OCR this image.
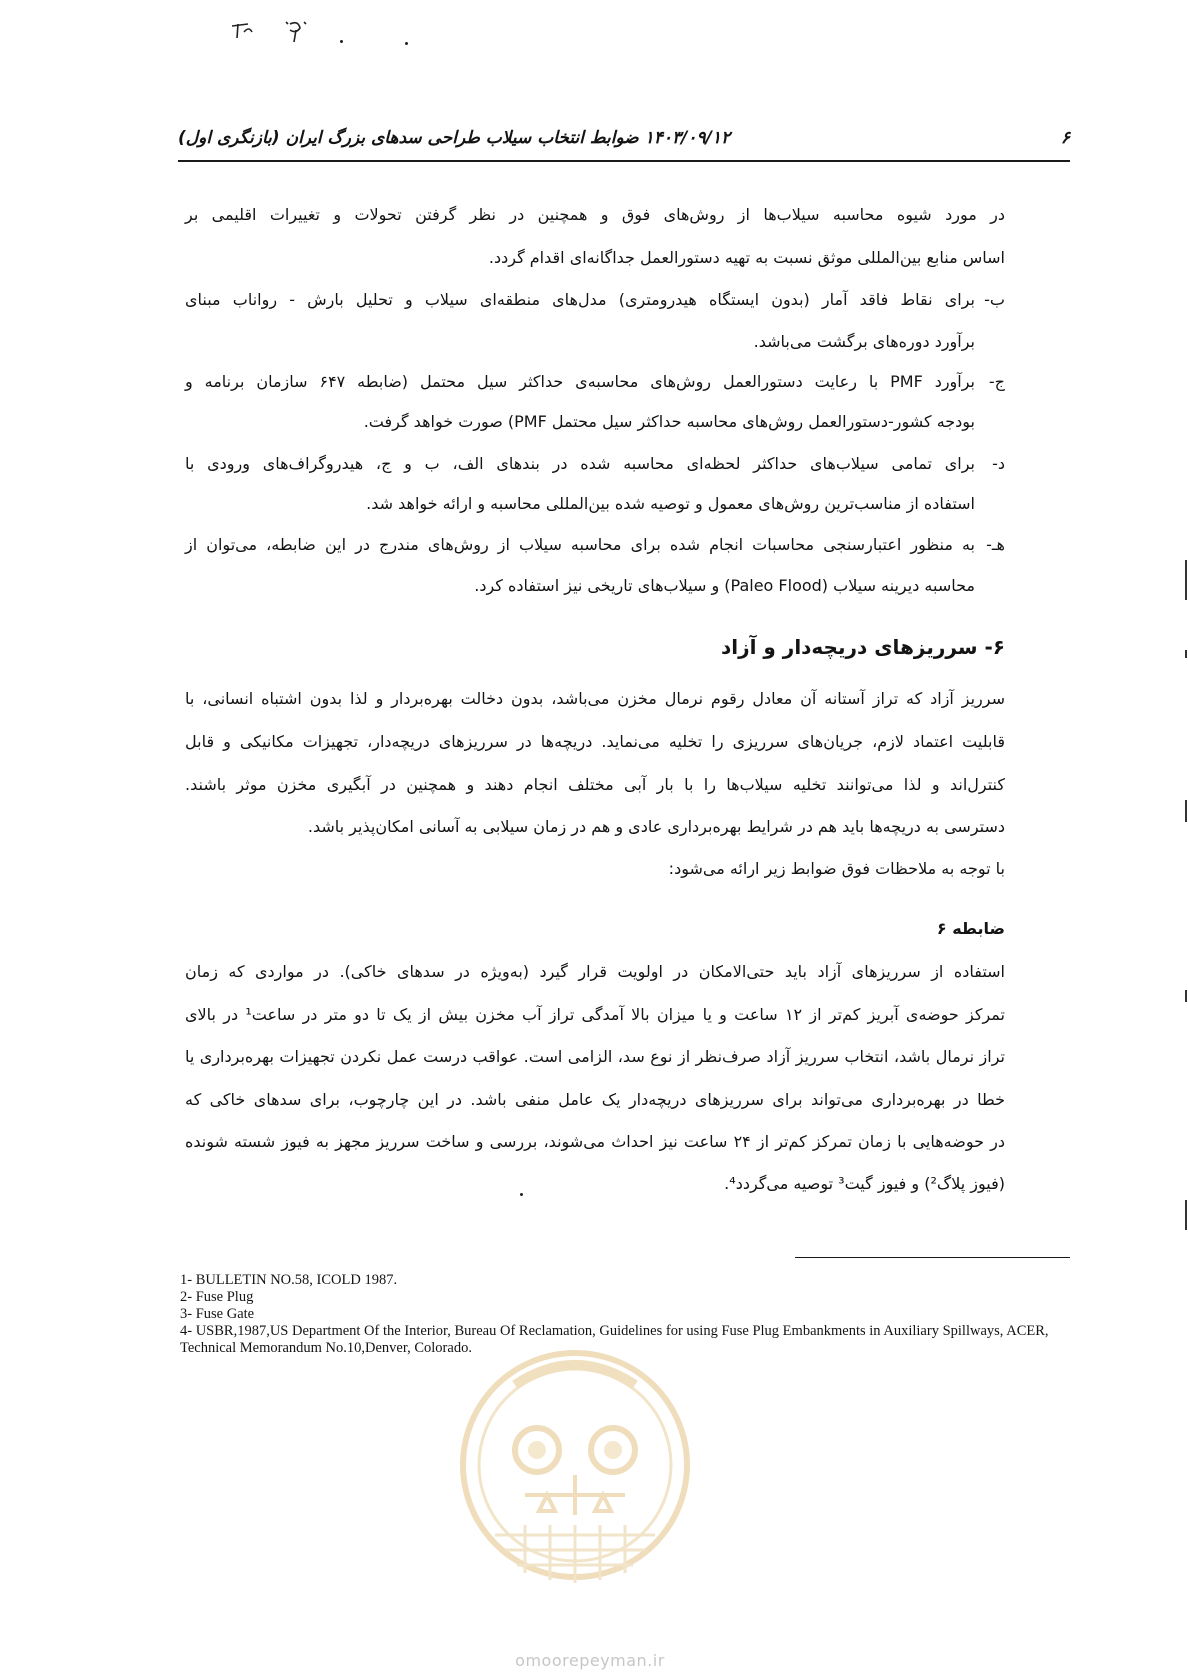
۶
۱۴۰۳/۰۹/۱۲ ضوابط انتخاب سیلاب طراحی سدهای بزرگ ایران (بازنگری اول)
در مورد شیوه محاسبه سیلاب‌ها از روش‌های فوق و همچنین در نظر گرفتن تحولات و تغییرات اقلیمی بر
اساس منابع بین‌المللی موثق نسبت به تهیه دستورالعمل جداگانه‌ای اقدام گردد.
ب-
برای نقاط فاقد آمار (بدون ایستگاه هیدرومتری) مدل‌های منطقه‌ای سیلاب و تحلیل بارش - رواناب مبنای
برآورد دوره‌های برگشت می‌باشد.
ج-
برآورد PMF با رعایت دستورالعمل روش‌های محاسبه‌ی حداکثر سیل محتمل (ضابطه ۶۴۷ سازمان برنامه و
بودجه کشور-دستورالعمل روش‌های محاسبه حداکثر سیل محتمل PMF) صورت خواهد گرفت.
د-
برای تمامی سیلاب‌های حداکثر لحظه‌ای محاسبه شده در بندهای الف، ب و ج، هیدروگراف‌های ورودی با
استفاده از مناسب‌ترین روش‌های معمول و توصیه شده بین‌المللی محاسبه و ارائه خواهد شد.
هـ-
به منظور اعتبارسنجی محاسبات انجام شده برای محاسبه سیلاب از روش‌های مندرج در این ضابطه، می‌توان از
محاسبه دیرینه سیلاب (Paleo Flood) و سیلاب‌های تاریخی نیز استفاده کرد.
۶- سرریزهای دریچه‌دار و آزاد
سرریز آزاد که تراز آستانه آن معادل رقوم نرمال مخزن می‌باشد، بدون دخالت بهره‌بردار و لذا بدون اشتباه انسانی، با
قابلیت اعتماد لازم، جریان‌های سرریزی را تخلیه می‌نماید. دریچه‌ها در سرریزهای دریچه‌دار، تجهیزات مکانیکی و قابل
کنترل‌اند و لذا می‌توانند تخلیه سیلاب‌ها را با بار آبی مختلف انجام دهند و همچنین در آبگیری مخزن موثر باشند.
دسترسی به دریچه‌ها باید هم در شرایط بهره‌برداری عادی و هم در زمان سیلابی به آسانی امکان‌پذیر باشد.
با توجه به ملاحظات فوق ضوابط زیر ارائه می‌شود:
ضابطه ۶
استفاده از سرریزهای آزاد باید حتی‌الامکان در اولویت قرار گیرد (به‌ویژه در سدهای خاکی). در مواردی که زمان
تمرکز حوضه‌ی آبریز کم‌تر از ۱۲ ساعت و یا میزان بالا آمدگی تراز آب مخزن بیش از یک تا دو متر در ساعت¹ در بالای
تراز نرمال باشد، انتخاب سرریز آزاد صرف‌نظر از نوع سد، الزامی است. عواقب درست عمل نکردن تجهیزات بهره‌برداری یا
خطا در بهره‌برداری می‌تواند برای سرریزهای دریچه‌دار یک عامل منفی باشد. در این چارچوب، برای سدهای خاکی که
در حوضه‌هایی با زمان تمرکز کم‌تر از ۲۴ ساعت نیز احداث می‌شوند، بررسی و ساخت سرریز مجهز به فیوز شسته شونده
(فیوز پلاگ²) و فیوز گیت³ توصیه می‌گردد⁴.
1- BULLETIN NO.58, ICOLD 1987.
2- Fuse Plug
3- Fuse Gate
4- USBR,1987,US Department Of the Interior, Bureau Of Reclamation, Guidelines for using Fuse Plug Embankments in Auxiliary Spillways, ACER, Technical Memorandum No.10,Denver, Colorado.
omoorepeyman.ir
